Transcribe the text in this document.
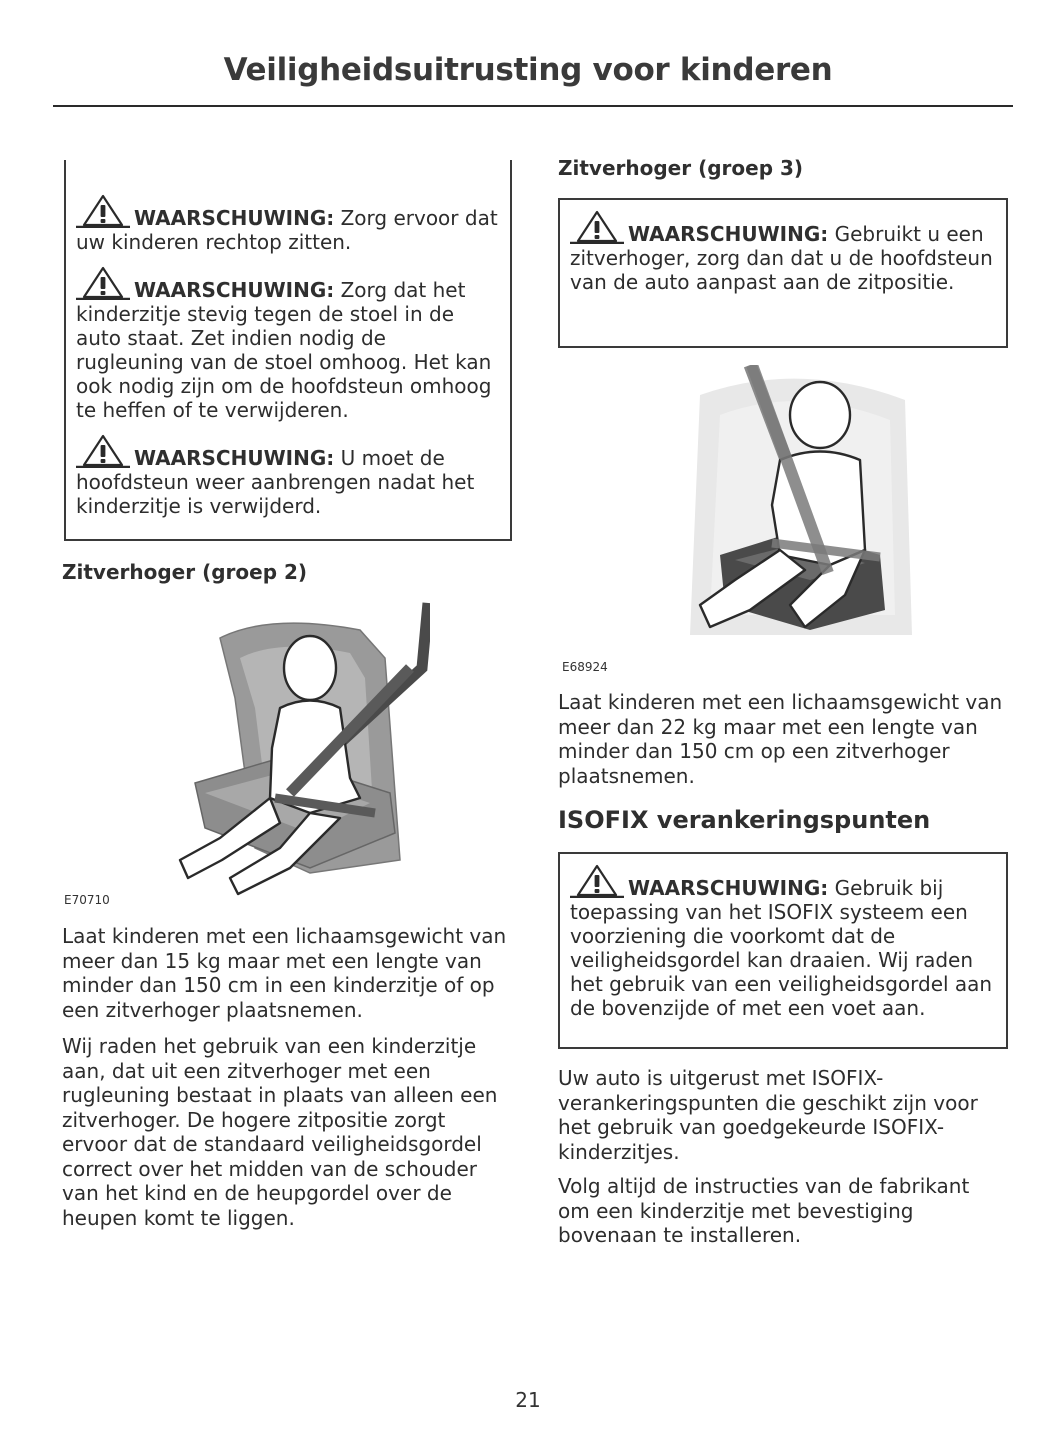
Veiligheidsuitrusting voor kinderen

WAARSCHUWING: Zorg ervoor dat uw kinderen rechtop zitten.

WAARSCHUWING: Zorg dat het kinderzitje stevig tegen de stoel in de auto staat. Zet indien nodig de rugleuning van de stoel omhoog. Het kan ook nodig zijn om de hoofdsteun omhoog te heffen of te verwijderen.

WAARSCHUWING: U moet de hoofdsteun weer aanbrengen nadat het kinderzitje is verwijderd.

Zitverhoger (groep 2)
E70710

Laat kinderen met een lichaamsgewicht van meer dan 15 kg maar met een lengte van minder dan 150 cm in een kinderzitje of op een zitverhoger plaatsnemen.

Wij raden het gebruik van een kinderzitje aan, dat uit een zitverhoger met een rugleuning bestaat in plaats van alleen een zitverhoger. De hogere zitpositie zorgt ervoor dat de standaard veiligheidsgordel correct over het midden van de schouder van het kind en de heupgordel over de heupen komt te liggen.

Zitverhoger (groep 3)

WAARSCHUWING: Gebruikt u een zitverhoger, zorg dan dat u de hoofdsteun van de auto aanpast aan de zitpositie.

E68924

Laat kinderen met een lichaamsgewicht van meer dan 22 kg maar met een lengte van minder dan 150 cm op een zitverhoger plaatsnemen.

ISOFIX verankeringspunten

WAARSCHUWING: Gebruik bij toepassing van het ISOFIX systeem een voorziening die voorkomt dat de veiligheidsgordel kan draaien. Wij raden het gebruik van een veiligheidsgordel aan de bovenzijde of met een voet aan.

Uw auto is uitgerust met ISOFIX-verankeringspunten die geschikt zijn voor het gebruik van goedgekeurde ISOFIX-kinderzitjes.

Volg altijd de instructies van de fabrikant om een kinderzitje met bevestiging bovenaan te installeren.

21
